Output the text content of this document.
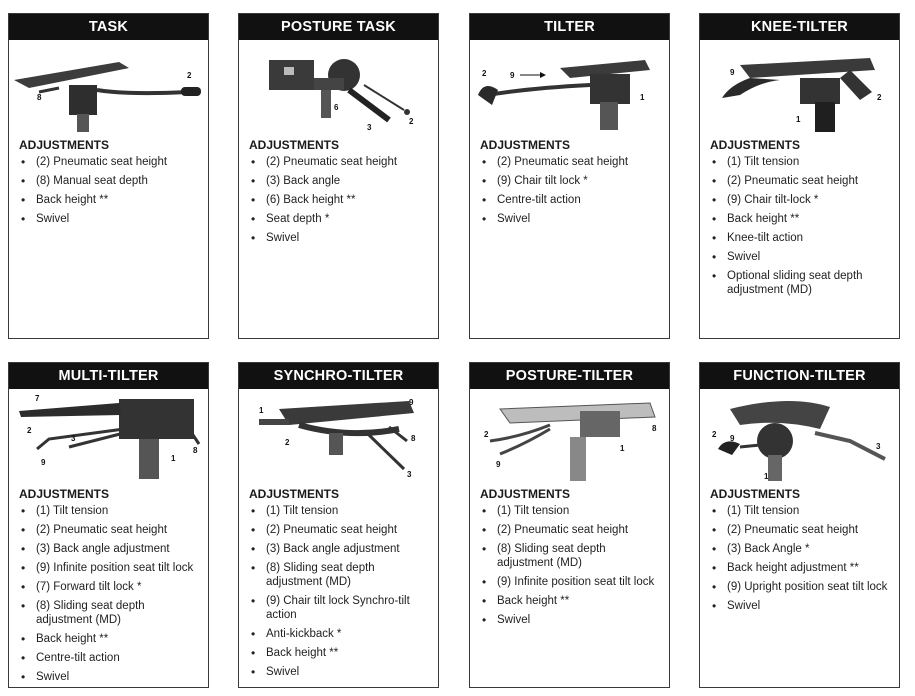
TASK
2
8
ADJUSTMENTS
• (2) Pneumatic seat height
• (8) Manual seat depth
• Back height **
• Swivel
POSTURE TASK
6
3
2
ADJUSTMENTS
• (2) Pneumatic seat height
• (3) Back angle
• (6) Back height **
• Seat depth *
• Swivel
TILTER
2	9
1
ADJUSTMENTS
• (2) Pneumatic seat height
• (9) Chair tilt lock *
• Centre-tilt action
• Swivel
KNEE-TILTER
9
1
2
ADJUSTMENTS
• (1) Tilt tension
• (2) Pneumatic seat height
• (9) Chair tilt-lock *
• Back height **
• Knee-tilt action
• Swivel
• Optional sliding seat depth adjustment (MD)
MULTI-TILTER
7
2
3
9	1
8
ADJUSTMENTS
• (1) Tilt tension
• (2) Pneumatic seat height
• (3) Back angle adjustment
• (9) Infinite position seat tilt lock
• (7) Forward tilt lock *
• (8) Sliding seat depth adjustment (MD)
• Back height **
• Centre-tilt action
• Swivel
SYNCHRO-TILTER
1
2
9
8
3
ADJUSTMENTS
• (1) Tilt tension
• (2) Pneumatic seat height
• (3) Back angle adjustment
• (8) Sliding seat depth adjustment (MD)
• (9) Chair tilt lock Synchro-tilt action
• Anti-kickback *
• Back height **
• Swivel
POSTURE-TILTER
8
2
9
1
ADJUSTMENTS
• (1) Tilt tension
• (2) Pneumatic seat height
• (8) Sliding seat depth adjustment (MD)
• (9) Infinite position seat tilt lock
• Back height **
• Swivel
FUNCTION-TILTER
2 9
1
3
ADJUSTMENTS
• (1) Tilt tension
• (2) Pneumatic seat height
• (3) Back Angle *
• Back height adjustment **
• (9) Upright position seat tilt lock
• Swivel
